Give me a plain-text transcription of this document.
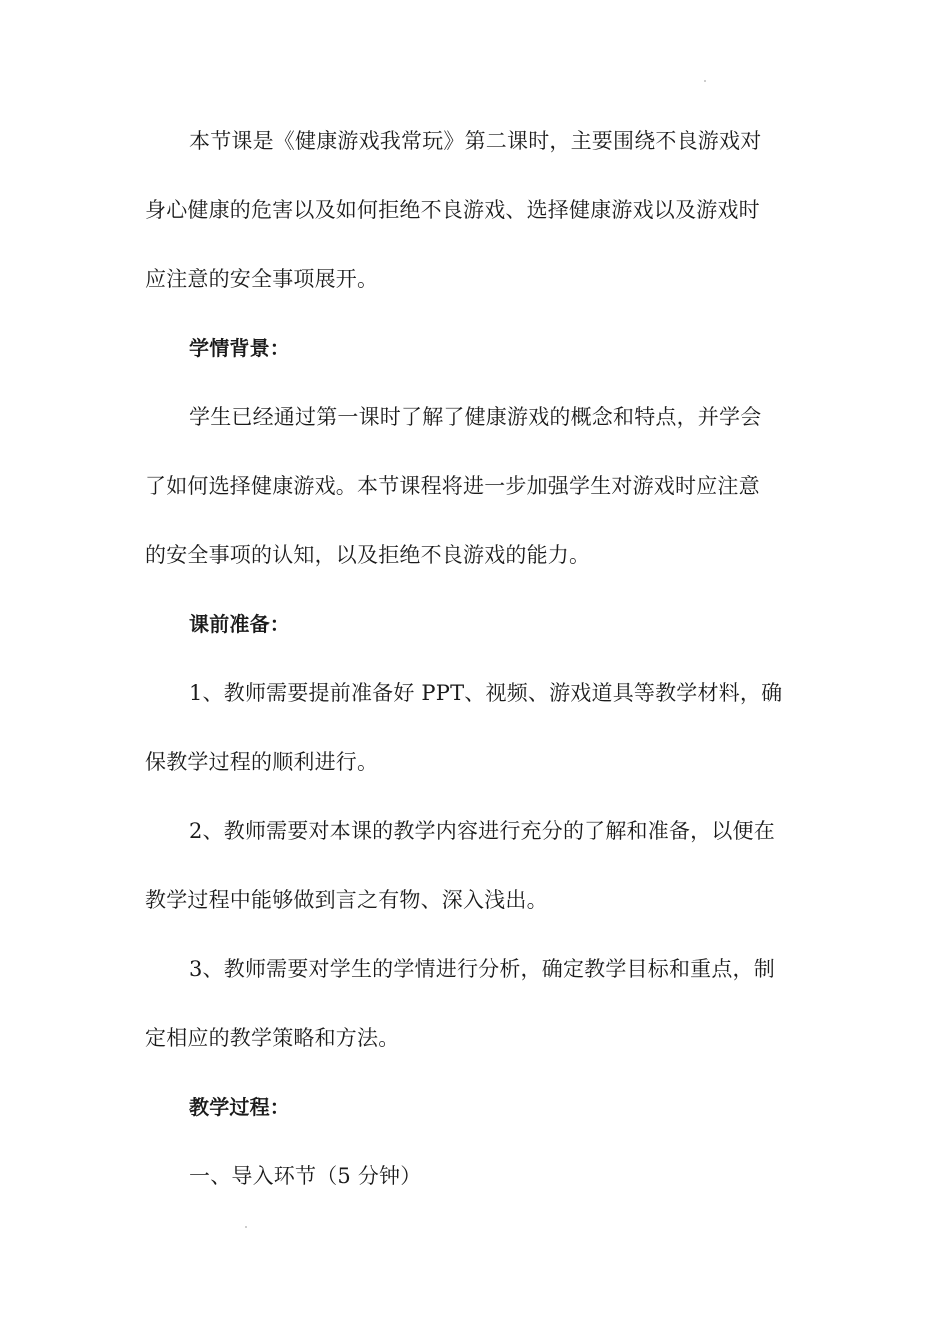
本节课是《健康游戏我常玩》第二课时，主要围绕不良游戏对
身心健康的危害以及如何拒绝不良游戏、选择健康游戏以及游戏时
应注意的安全事项展开。
学情背景：
学生已经通过第一课时了解了健康游戏的概念和特点，并学会
了如何选择健康游戏。本节课程将进一步加强学生对游戏时应注意
的安全事项的认知，以及拒绝不良游戏的能力。
课前准备：
1、教师需要提前准备好 PPT、视频、游戏道具等教学材料，确
保教学过程的顺利进行。
2、教师需要对本课的教学内容进行充分的了解和准备，以便在
教学过程中能够做到言之有物、深入浅出。
3、教师需要对学生的学情进行分析，确定教学目标和重点，制
定相应的教学策略和方法。
教学过程：
一、导入环节（5 分钟）
